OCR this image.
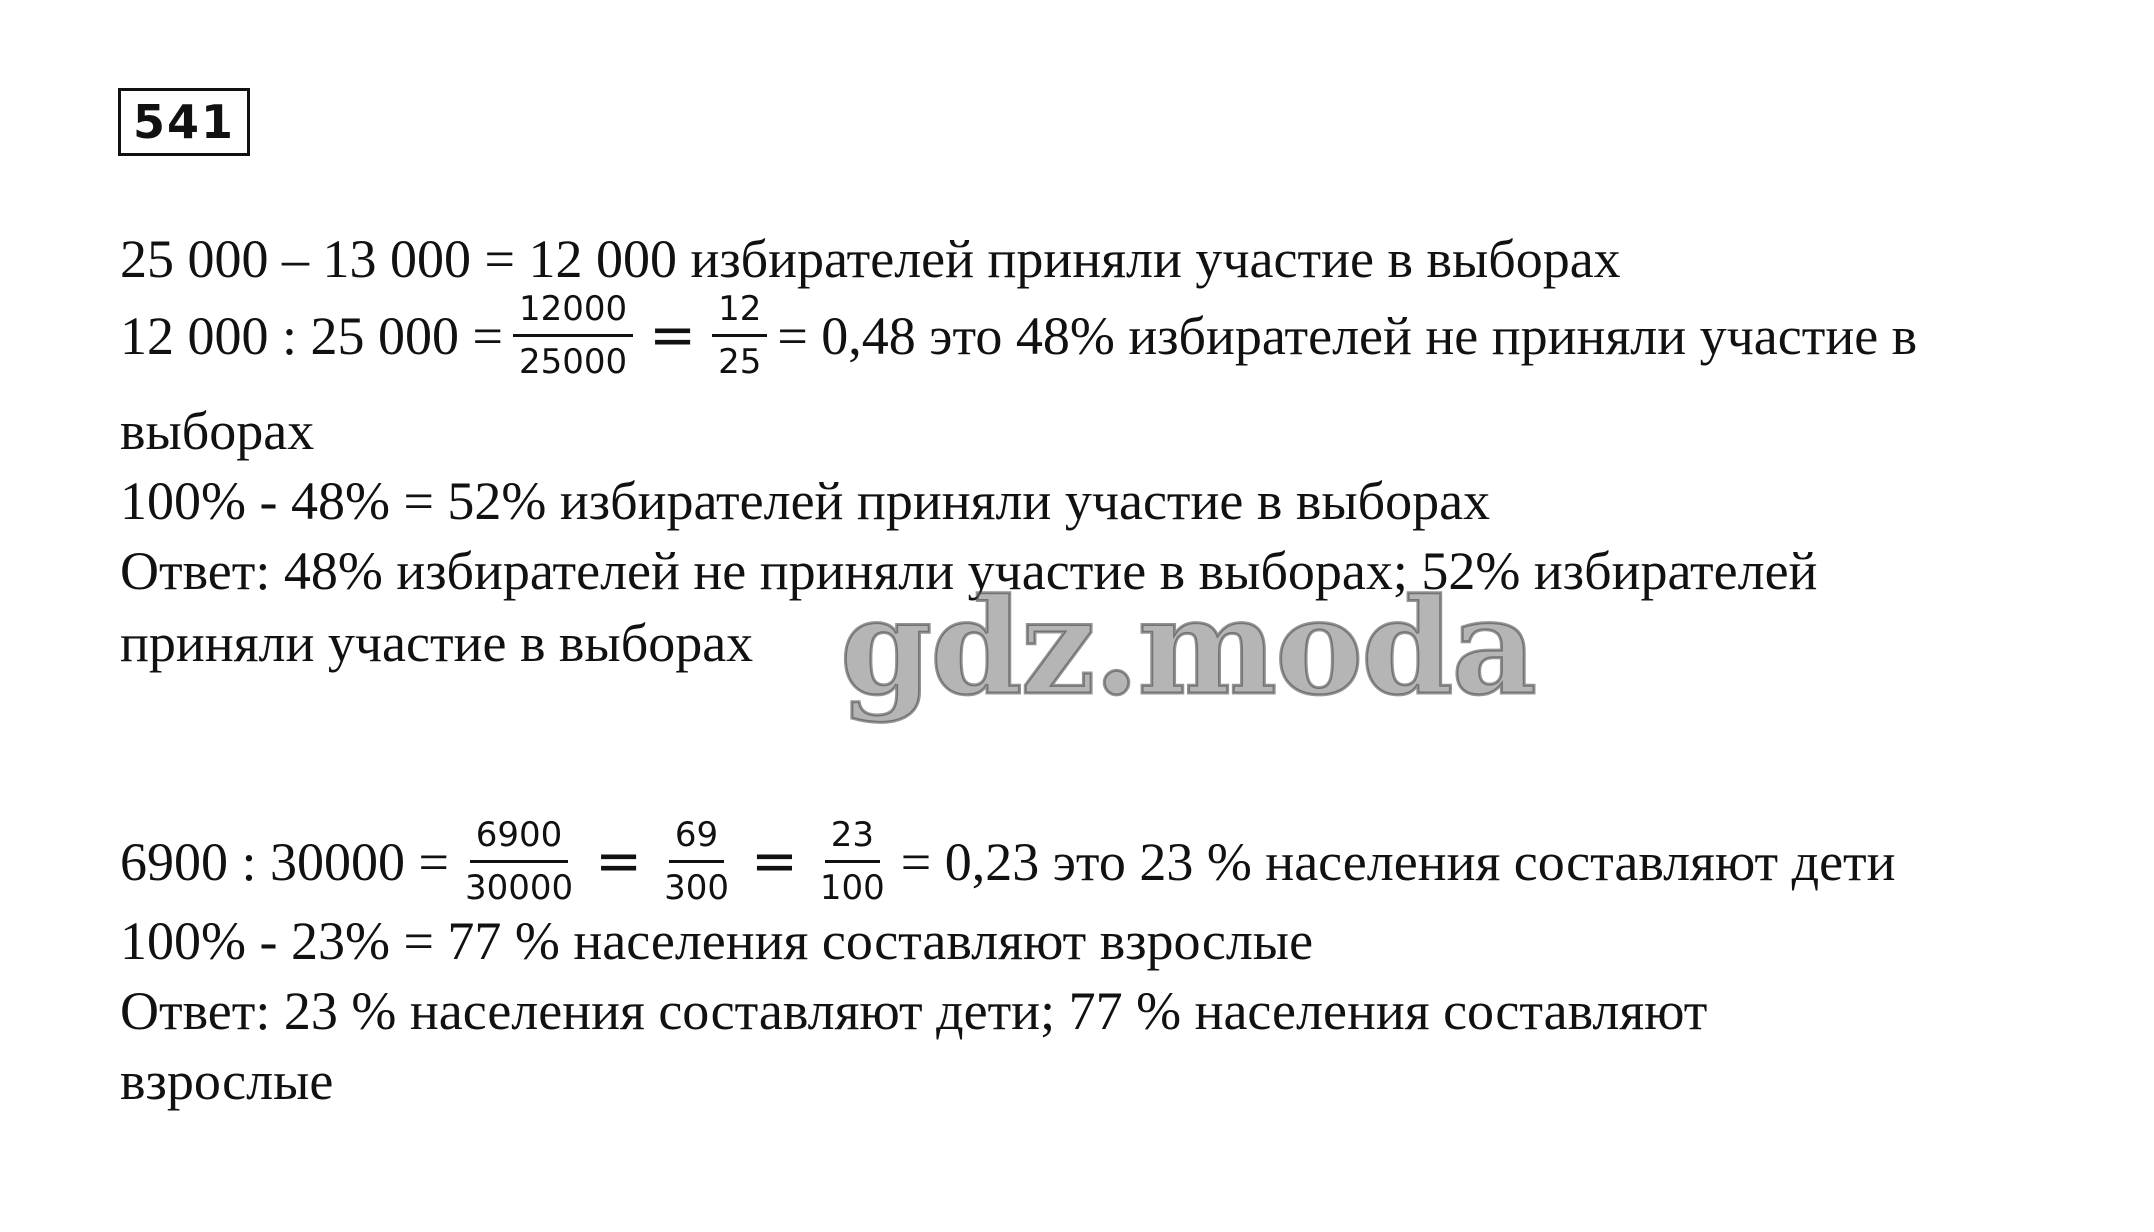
541
25 000 – 13 000 = 12 000 избирателей приняли участие в выборах
12 000 : 25 $000 = \frac{12000}{25000} = \frac{12}{25} = 0,48$ это 48% избирателей не приняли участие в
выборах
100% - 48% = 52% избирателей приняли участие в выборах
Ответ: 48% избирателей не приняли участие в выборах; 52% избирателей
приняли участие в выборах gdz.moda
6900 : $30000 = \frac{6900}{30000} = \frac{69}{300} = \frac{23}{100} = 0,23$ это 23 % населения составляют дети
100% - 23% = 77 % населения составляют взрослые
Ответ: 23 % населения составляют дети; 77 % населения составляют
взрослые
